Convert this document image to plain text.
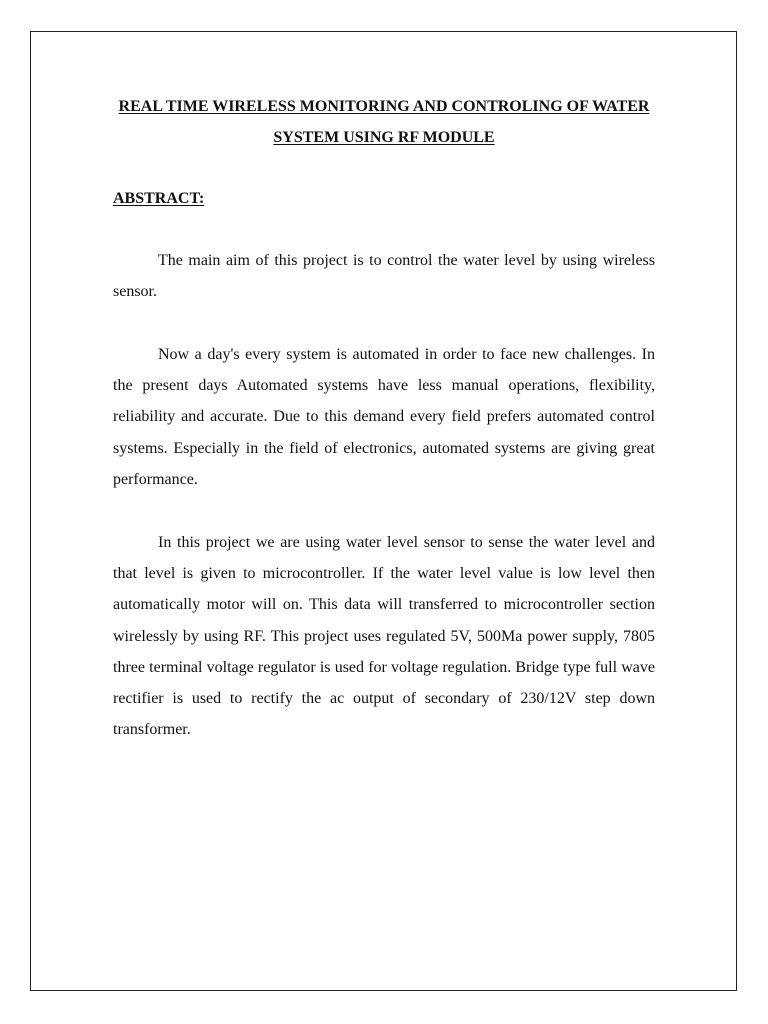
REAL TIME WIRELESS MONITORING AND CONTROLING OF WATER SYSTEM USING RF MODULE
ABSTRACT:

The main aim of this project is to control the water level by using wireless sensor.

Now a day's every system is automated in order to face new challenges. In the present days Automated systems have less manual operations, flexibility, reliability and accurate. Due to this demand every field prefers automated control systems. Especially in the field of electronics, automated systems are giving great performance.

In this project we are using water level sensor to sense the water level and that level is given to microcontroller. If the water level value is low level then automatically motor will on. This data will transferred to microcontroller section wirelessly by using RF. This project uses regulated 5V, 500Ma power supply, 7805 three terminal voltage regulator is used for voltage regulation. Bridge type full wave rectifier is used to rectify the ac output of secondary of 230/12V step down transformer.
